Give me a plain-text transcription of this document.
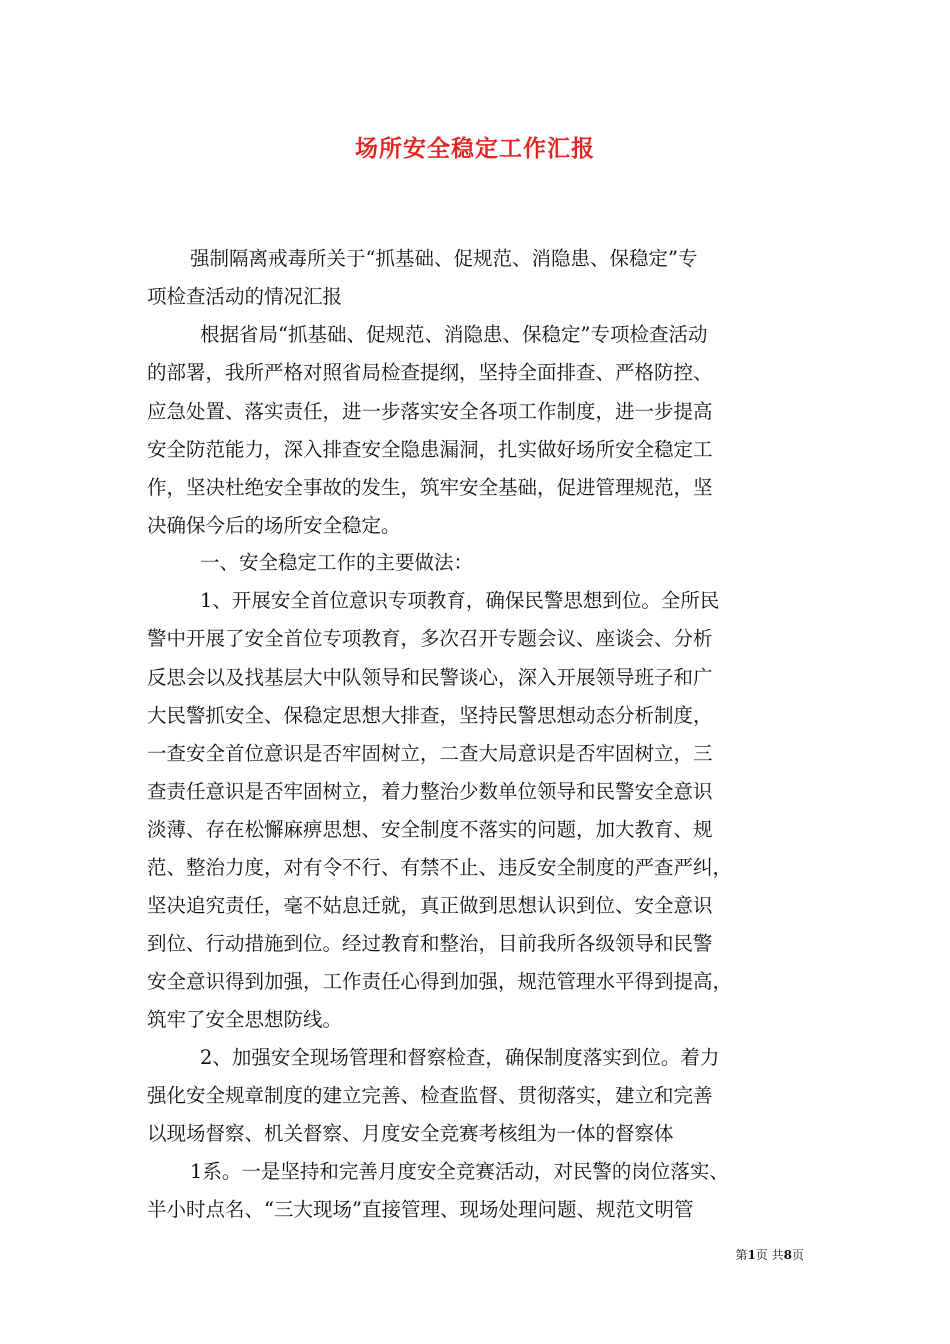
场所安全稳定工作汇报
强制隔离戒毒所关于“抓基础、促规范、消隐患、保稳定”专
项检查活动的情况汇报
根据省局“抓基础、促规范、消隐患、保稳定”专项检查活动
的部署，我所严格对照省局检查提纲，坚持全面排查、严格防控、
应急处置、落实责任，进一步落实安全各项工作制度，进一步提高
安全防范能力，深入排查安全隐患漏洞，扎实做好场所安全稳定工
作，坚决杜绝安全事故的发生，筑牢安全基础，促进管理规范，坚
决确保今后的场所安全稳定。
一、安全稳定工作的主要做法：
1、开展安全首位意识专项教育，确保民警思想到位。全所民
警中开展了安全首位专项教育，多次召开专题会议、座谈会、分析
反思会以及找基层大中队领导和民警谈心，深入开展领导班子和广
大民警抓安全、保稳定思想大排查，坚持民警思想动态分析制度，
一查安全首位意识是否牢固树立，二查大局意识是否牢固树立，三
查责任意识是否牢固树立，着力整治少数单位领导和民警安全意识
淡薄、存在松懈麻痹思想、安全制度不落实的问题，加大教育、规
范、整治力度，对有令不行、有禁不止、违反安全制度的严查严纠，
坚决追究责任，毫不姑息迁就，真正做到思想认识到位、安全意识
到位、行动措施到位。经过教育和整治，目前我所各级领导和民警
安全意识得到加强，工作责任心得到加强，规范管理水平得到提高，
筑牢了安全思想防线。
2、加强安全现场管理和督察检查，确保制度落实到位。着力
强化安全规章制度的建立完善、检查监督、贯彻落实，建立和完善
以现场督察、机关督察、月度安全竞赛考核组为一体的督察体
1系。一是坚持和完善月度安全竞赛活动，对民警的岗位落实、
半小时点名、“三大现场”直接管理、现场处理问题、规范文明管
第1页 共8页
